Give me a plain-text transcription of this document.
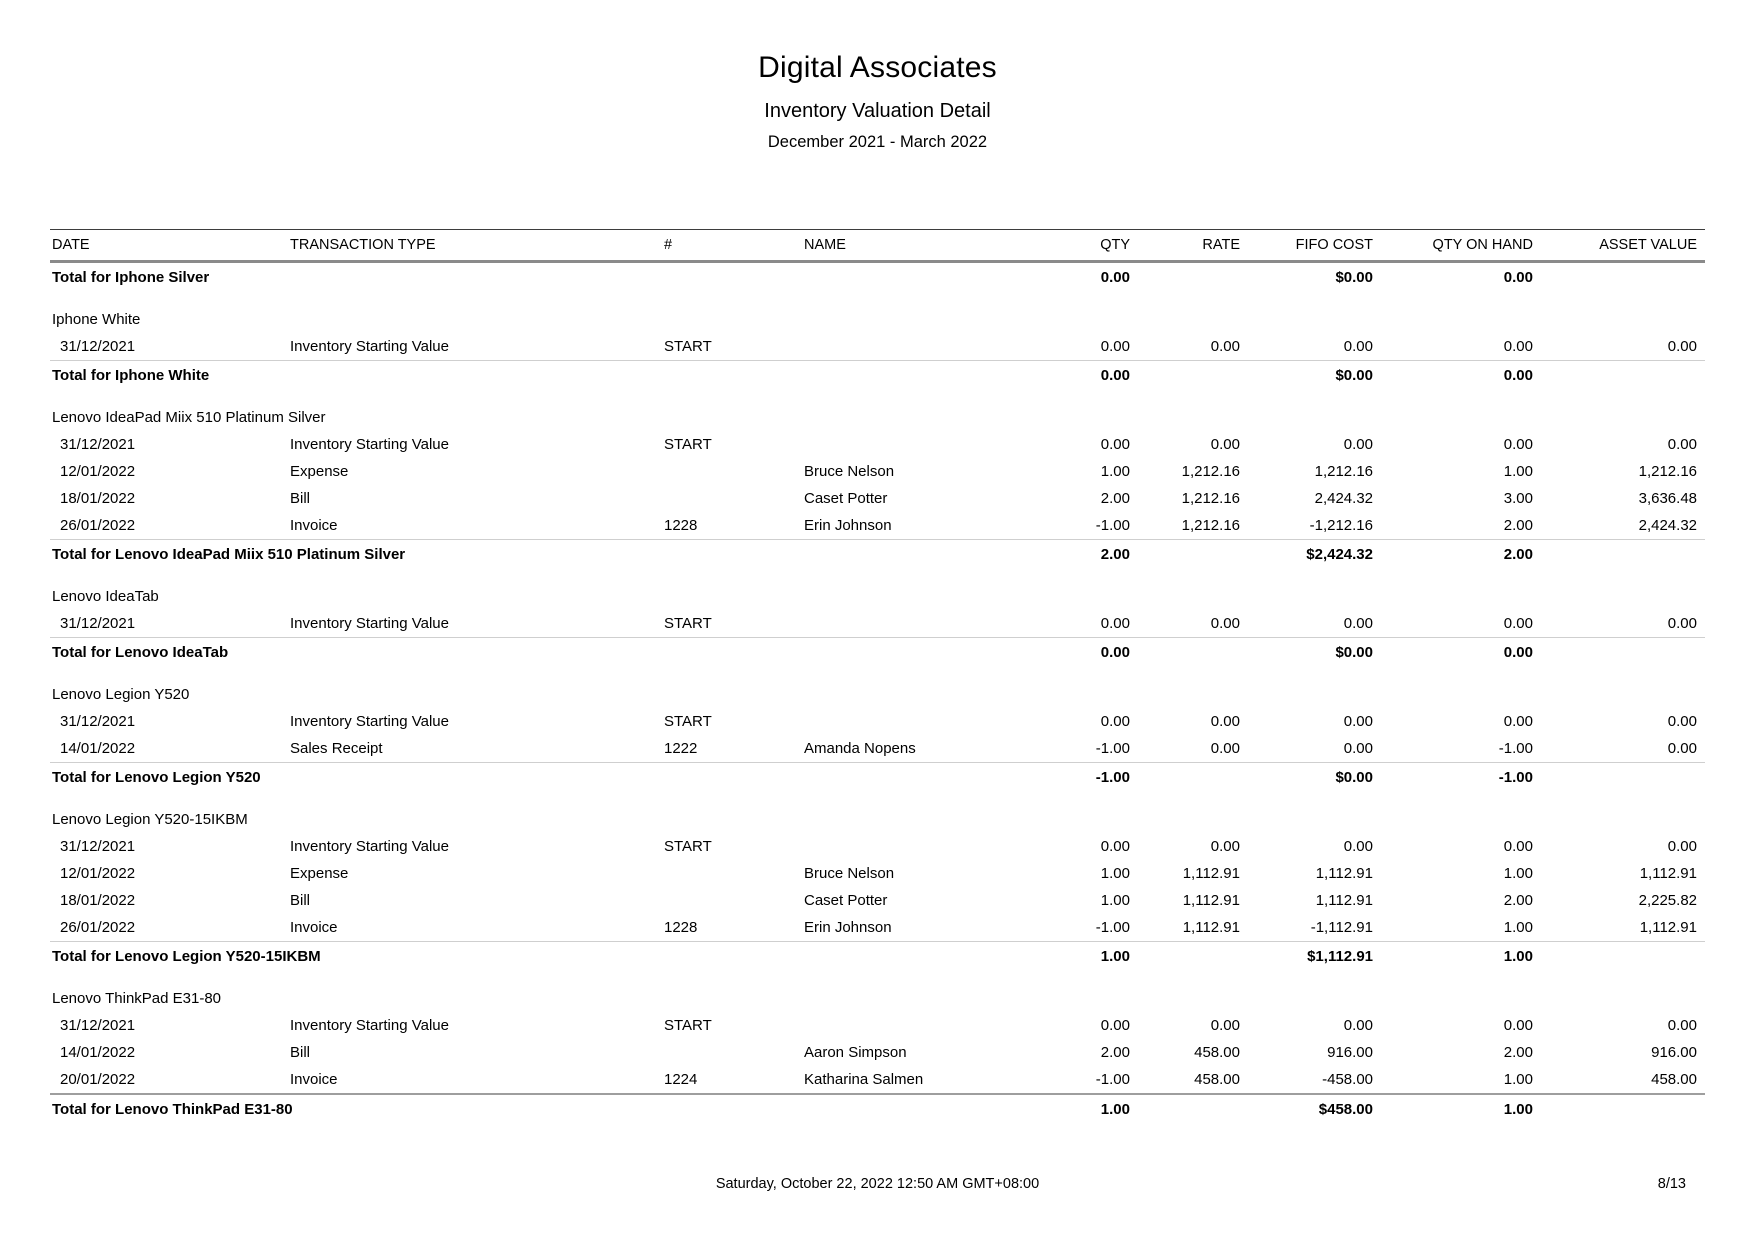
Digital Associates
Inventory Valuation Detail
December 2021 - March 2022
DATE	TRANSACTION TYPE	#	NAME	QTY	RATE	FIFO COST	QTY ON HAND	ASSET VALUE
Total for Iphone Silver				0.00		$0.00	0.00	
Iphone White								
31/12/2021	Inventory Starting Value	START		0.00	0.00	0.00	0.00	0.00
Total for Iphone White				0.00		$0.00	0.00	
Lenovo IdeaPad Miix 510 Platinum Silver								
31/12/2021	Inventory Starting Value	START		0.00	0.00	0.00	0.00	0.00
12/01/2022	Expense		Bruce Nelson	1.00	1,212.16	1,212.16	1.00	1,212.16
18/01/2022	Bill		Caset Potter	2.00	1,212.16	2,424.32	3.00	3,636.48
26/01/2022	Invoice	1228	Erin Johnson	-1.00	1,212.16	-1,212.16	2.00	2,424.32
Total for Lenovo IdeaPad Miix 510 Platinum Silver				2.00		$2,424.32	2.00	
Lenovo IdeaTab								
31/12/2021	Inventory Starting Value	START		0.00	0.00	0.00	0.00	0.00
Total for Lenovo IdeaTab				0.00		$0.00	0.00	
Lenovo Legion Y520								
31/12/2021	Inventory Starting Value	START		0.00	0.00	0.00	0.00	0.00
14/01/2022	Sales Receipt	1222	Amanda Nopens	-1.00	0.00	0.00	-1.00	0.00
Total for Lenovo Legion Y520				-1.00		$0.00	-1.00	
Lenovo Legion Y520-15IKBM								
31/12/2021	Inventory Starting Value	START		0.00	0.00	0.00	0.00	0.00
12/01/2022	Expense		Bruce Nelson	1.00	1,112.91	1,112.91	1.00	1,112.91
18/01/2022	Bill		Caset Potter	1.00	1,112.91	1,112.91	2.00	2,225.82
26/01/2022	Invoice	1228	Erin Johnson	-1.00	1,112.91	-1,112.91	1.00	1,112.91
Total for Lenovo Legion Y520-15IKBM				1.00		$1,112.91	1.00	
Lenovo ThinkPad E31-80								
31/12/2021	Inventory Starting Value	START		0.00	0.00	0.00	0.00	0.00
14/01/2022	Bill		Aaron Simpson	2.00	458.00	916.00	2.00	916.00
20/01/2022	Invoice	1224	Katharina Salmen	-1.00	458.00	-458.00	1.00	458.00
Total for Lenovo ThinkPad E31-80				1.00		$458.00	1.00	
Saturday, October 22, 2022 12:50 AM GMT+08:00	8/13
